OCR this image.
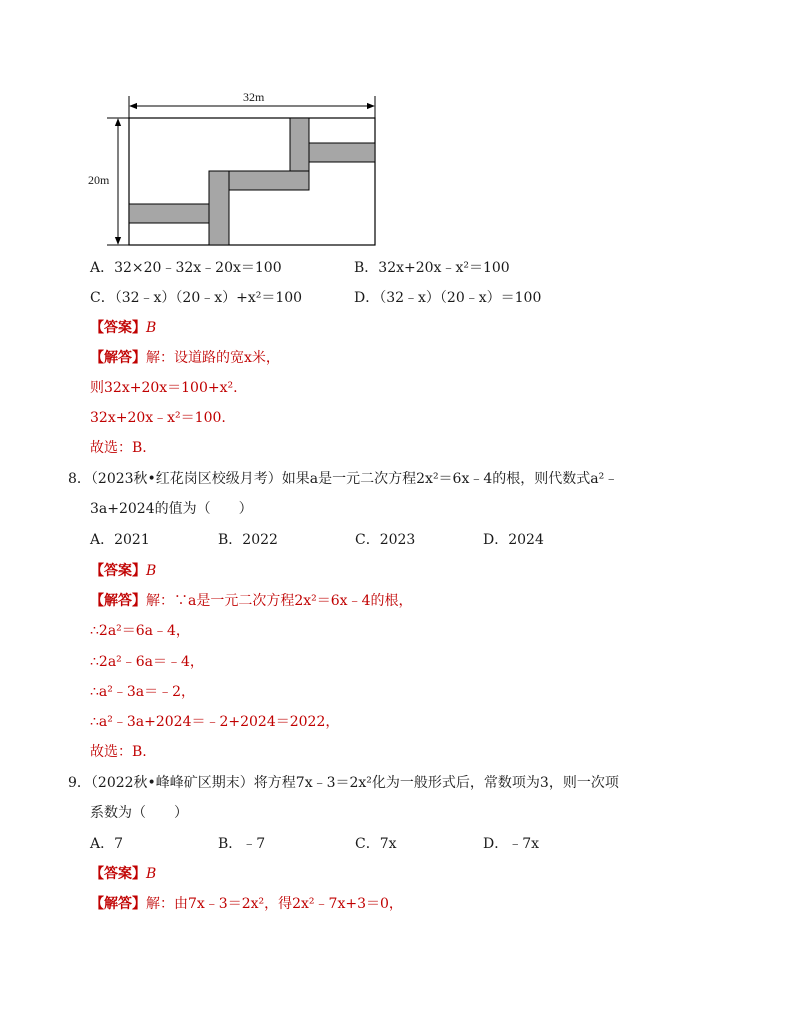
32m
20m
A．32×20﹣32x﹣20x＝100	B．32x+20x﹣x²＝100
C．（32﹣x）（20﹣x）+x²＝100	D．（32﹣x）（20﹣x）＝100
【答案】B
【解答】解：设道路的宽x米，
则32x+20x＝100+x².
32x+20x﹣x²＝100.
故选：B.
8．（2023秋•红花岗区校级月考）如果a是一元二次方程2x²＝6x﹣4的根，则代数式a²﹣
3a+2024的值为（　　）
A．2021	B．2022	C．2023	D．2024
【答案】B
【解答】解：∵a是一元二次方程2x²＝6x﹣4的根，
∴2a²＝6a﹣4，
∴2a²﹣6a＝﹣4，
∴a²﹣3a＝﹣2，
∴a²﹣3a+2024＝﹣2+2024＝2022，
故选：B.
9．（2022秋•峰峰矿区期末）将方程7x﹣3＝2x²化为一般形式后，常数项为3，则一次项
系数为（　　）
A．7	B．﹣7	C．7x	D．﹣7x
【答案】B
【解答】解：由7x﹣3＝2x²，得2x²﹣7x+3＝0，
